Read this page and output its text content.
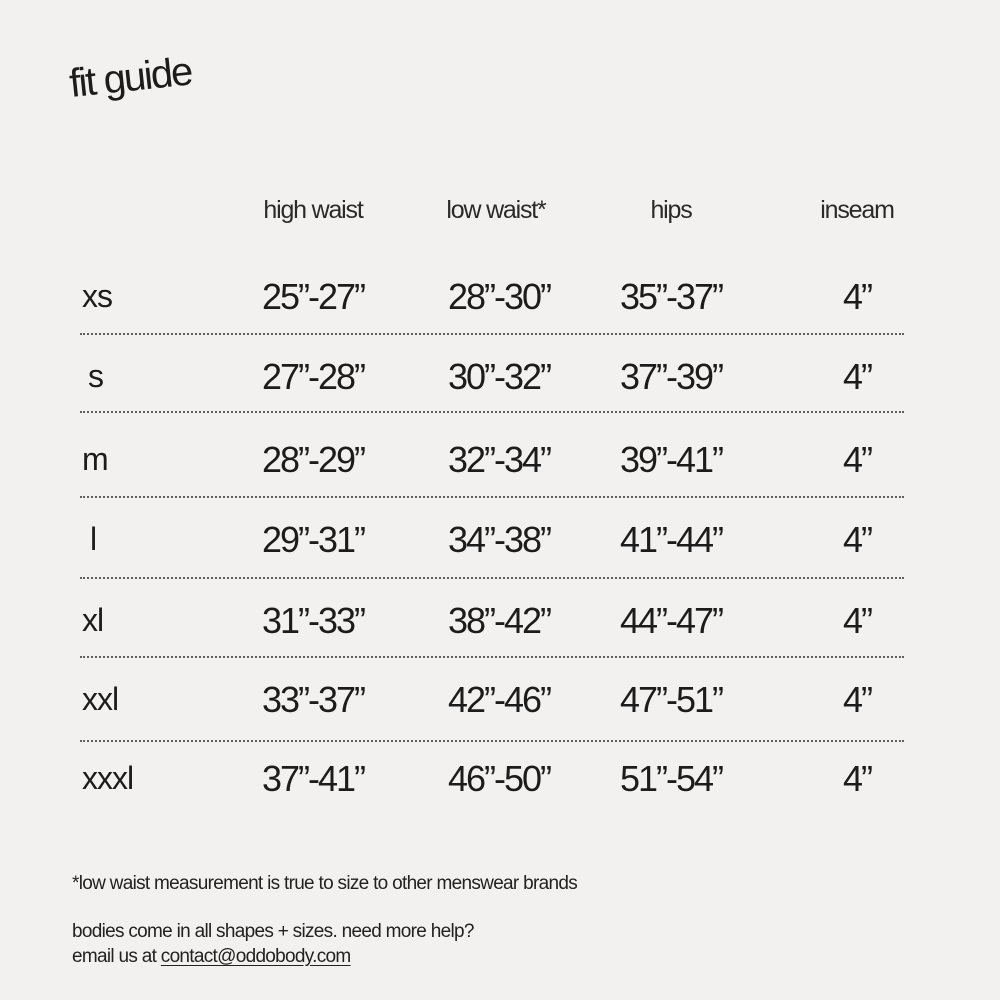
fit guide
high waist	low waist*	hips	inseam
xs	25”-27” 28”-30” 35”-37”	4”
s	27”-28” 30”-32” 37”-39”	4”
m	28”-29” 32”-34” 39”-41”	4”
l	29”-31” 34”-38” 41”-44”	4”
xl	31”-33” 38”-42” 44”-47”	4”
xxl	33”-37” 42”-46” 47”-51”	4”
xxxl	37”-41” 46”-50” 51”-54”	4”
*low waist measurement is true to size to other menswear brands
bodies come in all shapes + sizes. need more help?
email us at contact@oddobody.com
